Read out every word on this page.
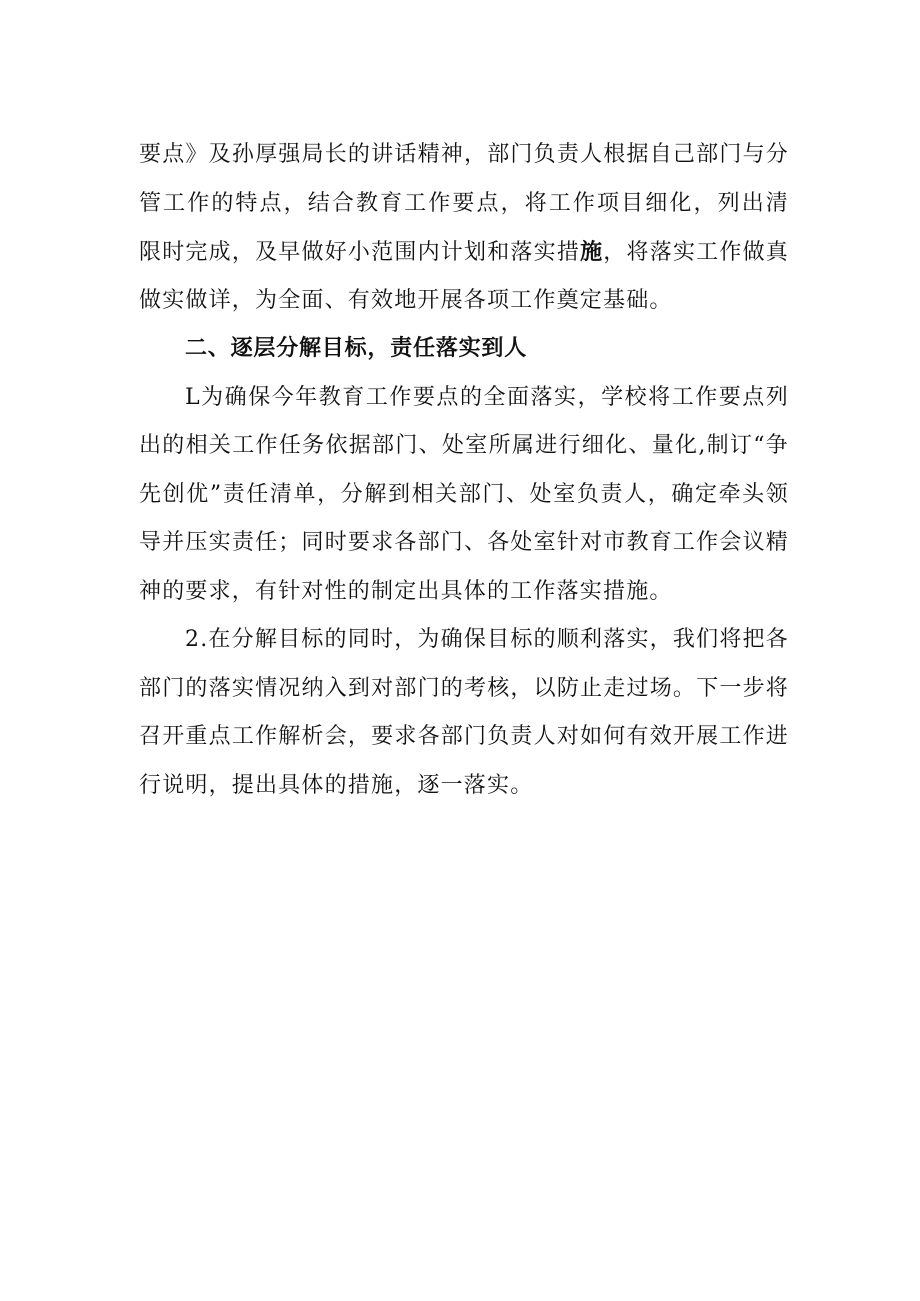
要点》及孙厚强局长的讲话精神，部门负责人根据自己部门与分
管工作的特点，结合教育工作要点，将工作项目细化，列出清
限时完成，及早做好小范围内计划和落实措施，将落实工作做真
做实做详，为全面、有效地开展各项工作奠定基础。
二、逐层分解目标，责任落实到人
L为确保今年教育工作要点的全面落实，学校将工作要点列
出的相关工作任务依据部门、处室所属进行细化、量化,制订“争
先创优”责任清单，分解到相关部门、处室负责人，确定牵头领
导并压实责任；同时要求各部门、各处室针对市教育工作会议精
神的要求，有针对性的制定出具体的工作落实措施。
2.在分解目标的同时，为确保目标的顺利落实，我们将把各
部门的落实情况纳入到对部门的考核，以防止走过场。下一步将
召开重点工作解析会，要求各部门负责人对如何有效开展工作进
行说明，提出具体的措施，逐一落实。
